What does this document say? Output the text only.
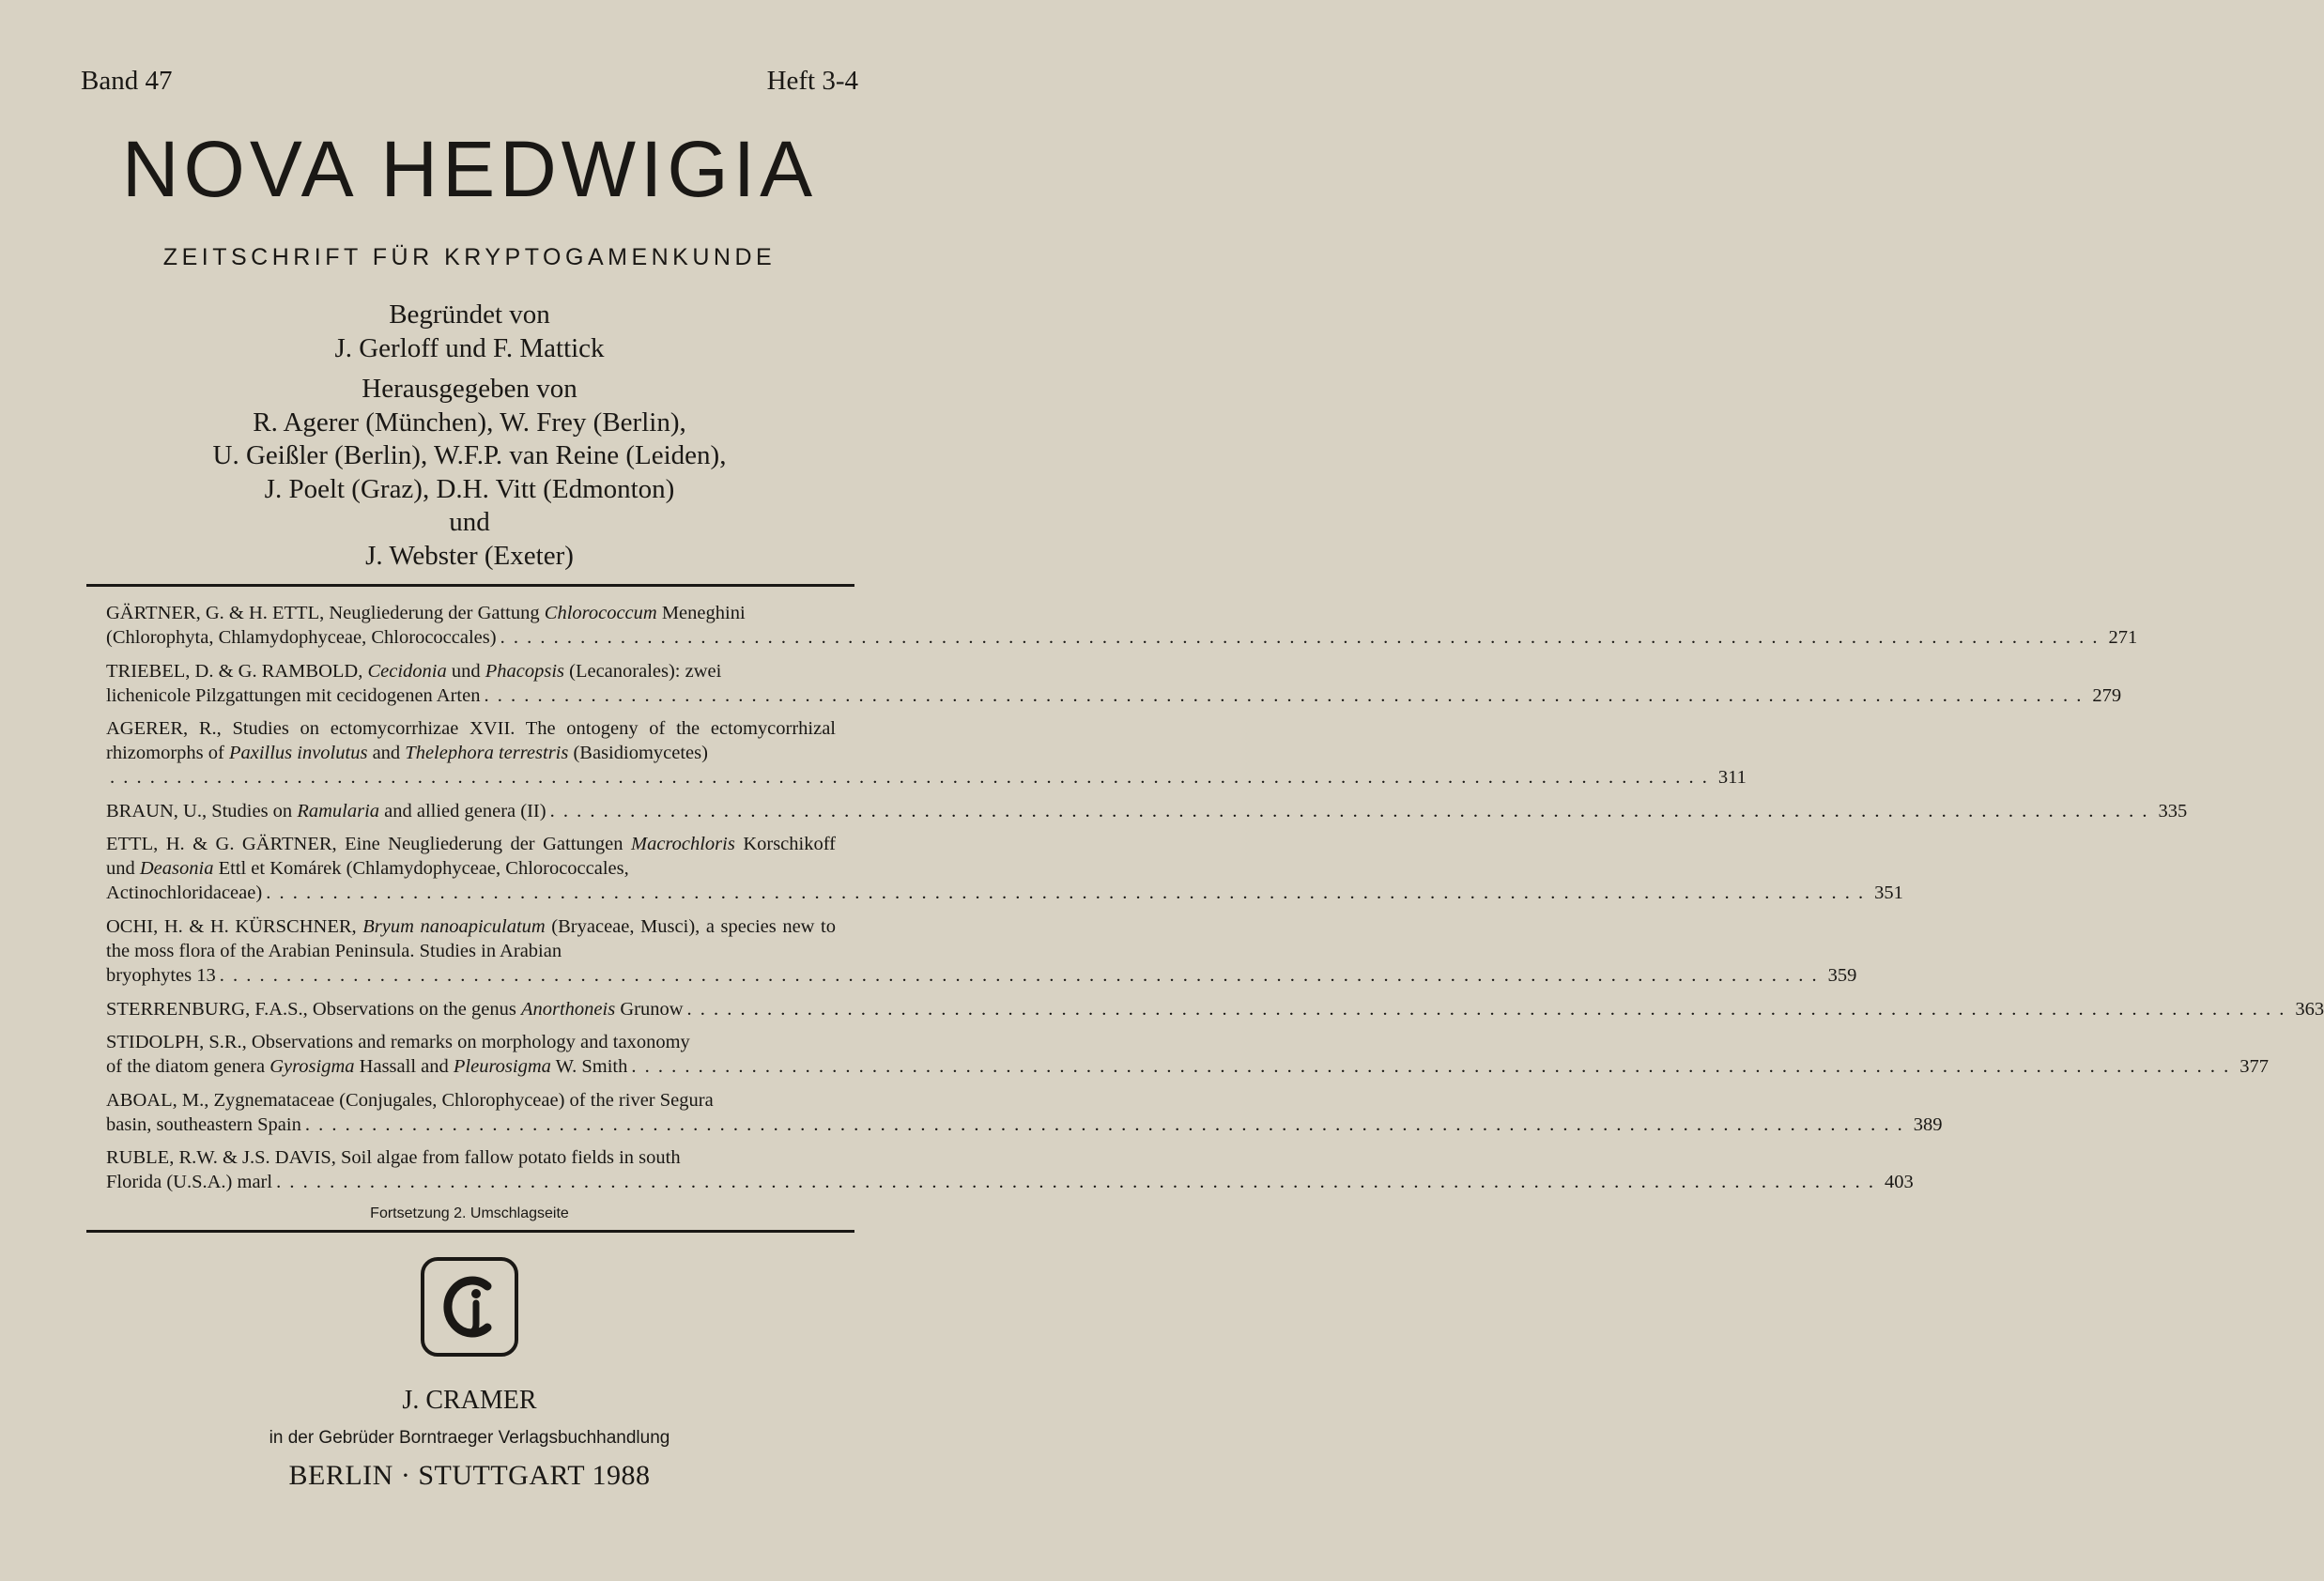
Band 47	Heft 3-4
NOVA HEDWIGIA
ZEITSCHRIFT FÜR KRYPTOGAMENKUNDE
Begründet von
J. Gerloff und F. Mattick
Herausgegeben von
R. Agerer (München), W. Frey (Berlin),
U. Geißler (Berlin), W.F.P. van Reine (Leiden),
J. Poelt (Graz), D.H. Vitt (Edmonton)
und
J. Webster (Exeter)
GÄRTNER, G. & H. ETTL, Neugliederung der Gattung Chlorococcum Meneghini
(Chlorophyta, Chlamydophyceae, Chlorococcales) . . . . . . . . . . . . . . . . . . . . . . . . . . . . . . . . . . . . . . . . . . . . . . . . . . . . . . . . . . . . . . . . . . . . . . . . . . . . . . . . . . . . . . . . . . . . . . . . . . . . . . . . . . . . . . . . . . . . . . . . 271
TRIEBEL, D. & G. RAMBOLD, Cecidonia und Phacopsis (Lecanorales): zwei
lichenicole Pilzgattungen mit cecidogenen Arten . . . . . . . . . . . . . . . . . . . . . . . . . . . . . . . . . . . . . . . . . . . . . . . . . . . . . . . . . . . . . . . . . . . . . . . . . . . . . . . . . . . . . . . . . . . . . . . . . . . . . . . . . . . . . . . . . . . . . . . . 279
AGERER, R., Studies on ectomycorrhizae XVII. The ontogeny of the ectomycorrhizal rhizomorphs of Paxillus involutus and Thelephora terrestris (Basidiomycetes)
. . . . . . . . . . . . . . . . . . . . . . . . . . . . . . . . . . . . . . . . . . . . . . . . . . . . . . . . . . . . . . . . . . . . . . . . . . . . . . . . . . . . . . . . . . . . . . . . . . . . . . . . . . . . . . . . . . . . . . . . 311
BRAUN, U., Studies on Ramularia and allied genera (II) . . . . . . . . . . . . . . . . . . . . . . . . . . . . . . . . . . . . . . . . . . . . . . . . . . . . . . . . . . . . . . . . . . . . . . . . . . . . . . . . . . . . . . . . . . . . . . . . . . . . . . . . . . . . . . . . . . . . . . . . 335
ETTL, H. & G. GÄRTNER, Eine Neugliederung der Gattungen Macrochloris Korschikoff und Deasonia Ettl et Komárek (Chlamydophyceae, Chlorococcales,
Actinochloridaceae) . . . . . . . . . . . . . . . . . . . . . . . . . . . . . . . . . . . . . . . . . . . . . . . . . . . . . . . . . . . . . . . . . . . . . . . . . . . . . . . . . . . . . . . . . . . . . . . . . . . . . . . . . . . . . . . . . . . . . . . . 351
OCHI, H. & H. KÜRSCHNER, Bryum nanoapiculatum (Bryaceae, Musci), a species new to the moss flora of the Arabian Peninsula. Studies in Arabian
bryophytes 13 . . . . . . . . . . . . . . . . . . . . . . . . . . . . . . . . . . . . . . . . . . . . . . . . . . . . . . . . . . . . . . . . . . . . . . . . . . . . . . . . . . . . . . . . . . . . . . . . . . . . . . . . . . . . . . . . . . . . . . . . 359
STERRENBURG, F.A.S., Observations on the genus Anorthoneis Grunow . . . . . . . . . . . . . . . . . . . . . . . . . . . . . . . . . . . . . . . . . . . . . . . . . . . . . . . . . . . . . . . . . . . . . . . . . . . . . . . . . . . . . . . . . . . . . . . . . . . . . . . . . . . . . . . . . . . . . . . . 363
STIDOLPH, S.R., Observations and remarks on morphology and taxonomy
of the diatom genera Gyrosigma Hassall and Pleurosigma W. Smith . . . . . . . . . . . . . . . . . . . . . . . . . . . . . . . . . . . . . . . . . . . . . . . . . . . . . . . . . . . . . . . . . . . . . . . . . . . . . . . . . . . . . . . . . . . . . . . . . . . . . . . . . . . . . . . . . . . . . . . . 377
ABOAL, M., Zygnemataceae (Conjugales, Chlorophyceae) of the river Segura
basin, southeastern Spain . . . . . . . . . . . . . . . . . . . . . . . . . . . . . . . . . . . . . . . . . . . . . . . . . . . . . . . . . . . . . . . . . . . . . . . . . . . . . . . . . . . . . . . . . . . . . . . . . . . . . . . . . . . . . . . . . . . . . . . . 389
RUBLE, R.W. & J.S. DAVIS, Soil algae from fallow potato fields in south
Florida (U.S.A.) marl . . . . . . . . . . . . . . . . . . . . . . . . . . . . . . . . . . . . . . . . . . . . . . . . . . . . . . . . . . . . . . . . . . . . . . . . . . . . . . . . . . . . . . . . . . . . . . . . . . . . . . . . . . . . . . . . . . . . . . . . 403
Fortsetzung 2. Umschlagseite
CJ
J. CRAMER
in der Gebrüder Borntraeger Verlagsbuchhandlung
BERLIN · STUTTGART 1988
